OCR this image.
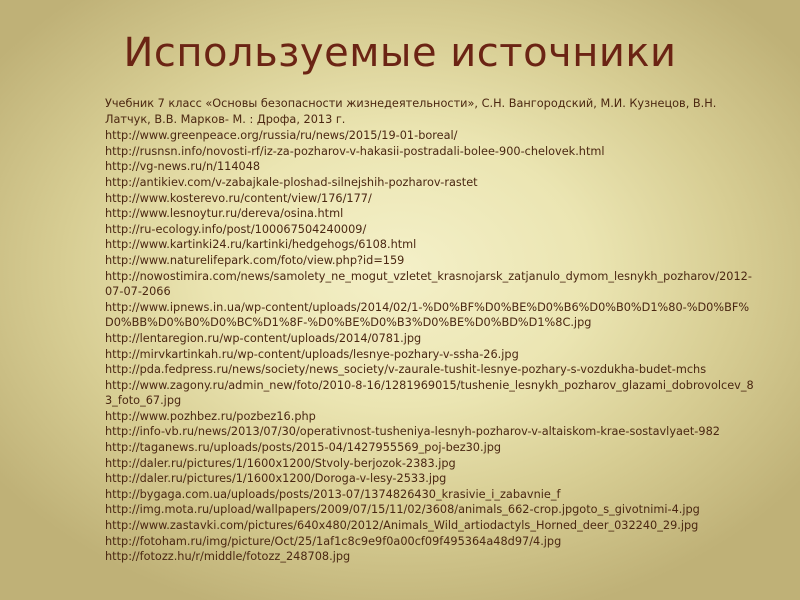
Используемые источники
Учебник 7 класс «Основы безопасности жизнедеятельности», С.Н. Вангородский, М.И. Кузнецов, В.Н. Латчук, В.В. Марков- М. : Дрофа, 2013 г.
http://www.greenpeace.org/russia/ru/news/2015/19-01-boreal/
http://rusnsn.info/novosti-rf/iz-za-pozharov-v-hakasii-postradali-bolee-900-chelovek.html
http://vg-news.ru/n/114048
http://antikiev.com/v-zabajkale-ploshad-silnejshih-pozharov-rastet
http://www.kosterevo.ru/content/view/176/177/
http://www.lesnoytur.ru/dereva/osina.html
http://ru-ecology.info/post/100067504240009/
http://www.kartinki24.ru/kartinki/hedgehogs/6108.html
http://www.naturelifepark.com/foto/view.php?id=159
http://nowostimira.com/news/samolety_ne_mogut_vzletet_krasnojarsk_zatjanulo_dymom_lesnykh_pozharov/2012-07-07-2066
http://www.ipnews.in.ua/wp-content/uploads/2014/02/1-%D0%BF%D0%BE%D0%B6%D0%B0%D1%80-%D0%BF%D0%BB%D0%B0%D0%BC%D1%8F-%D0%BE%D0%B3%D0%BE%D0%BD%D1%8C.jpg
http://lentaregion.ru/wp-content/uploads/2014/0781.jpg
http://mirvkartinkah.ru/wp-content/uploads/lesnye-pozhary-v-ssha-26.jpg
http://pda.fedpress.ru/news/society/news_society/v-zaurale-tushit-lesnye-pozhary-s-vozdukha-budet-mchs
http://www.zagony.ru/admin_new/foto/2010-8-16/1281969015/tushenie_lesnykh_pozharov_glazami_dobrovolcev_83_foto_67.jpg
http://www.pozhbez.ru/pozbez16.php
http://info-vb.ru/news/2013/07/30/operativnost-tusheniya-lesnyh-pozharov-v-altaiskom-krae-sostavlyaet-982
http://taganews.ru/uploads/posts/2015-04/1427955569_poj-bez30.jpg
http://daler.ru/pictures/1/1600x1200/Stvoly-berjozok-2383.jpg
http://daler.ru/pictures/1/1600x1200/Doroga-v-lesy-2533.jpg
http://bygaga.com.ua/uploads/posts/2013-07/1374826430_krasivie_i_zabavnie_f
http://img.mota.ru/upload/wallpapers/2009/07/15/11/02/3608/animals_662-crop.jpgoto_s_givotnimi-4.jpg
http://www.zastavki.com/pictures/640x480/2012/Animals_Wild_artiodactyls_Horned_deer_032240_29.jpg
http://fotoham.ru/img/picture/Oct/25/1af1c8c9e9f0a00cf09f495364a48d97/4.jpg
http://fotozz.hu/r/middle/fotozz_248708.jpg
